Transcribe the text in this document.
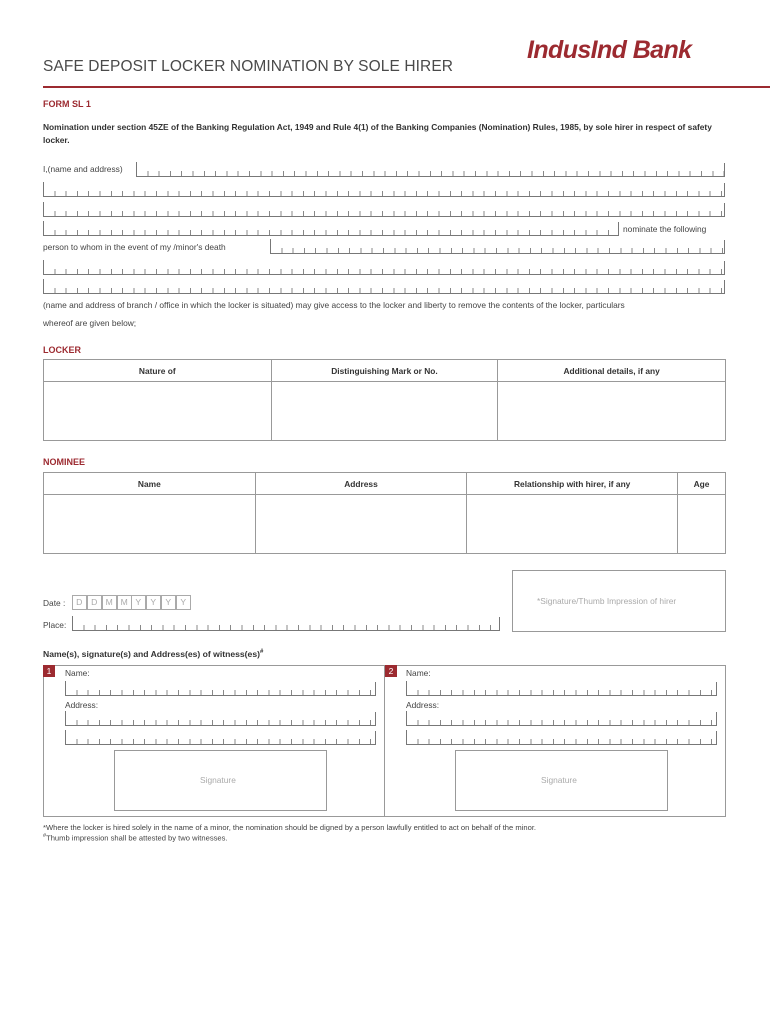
SAFE DEPOSIT LOCKER NOMINATION BY SOLE HIRER
IndusInd Bank
FORM SL 1
Nomination under section 45ZE of the Banking Regulation Act, 1949 and Rule 4(1) of the Banking Companies (Nomination) Rules, 1985, by sole hirer in respect of safety locker.
I,(name and address)
nominate the following
person to whom in the event of my /minor's death
(name and address of branch / office in which the locker is situated) may give access to the locker and liberty to remove the contents of the locker, particulars
whereof are given below;
LOCKER
Nature of	Distinguishing Mark or No.	Additional details, if any

NOMINEE
Name	Address	Relationship with hirer, if any	Age

Date :	D	D M M Y	Y	Y	Y
Place:
*Signature/Thumb Impression of hirer
Name(s), signature(s) and Address(es) of witness(es)#
1	Name:
Address:
Signature
2	Name:
Address:
Signature
*Where the locker is hired solely in the name of a minor, the nomination should be digned by a person lawfully entitled to act on behalf of the minor.
#Thumb impression shall be attested by two witnesses.
